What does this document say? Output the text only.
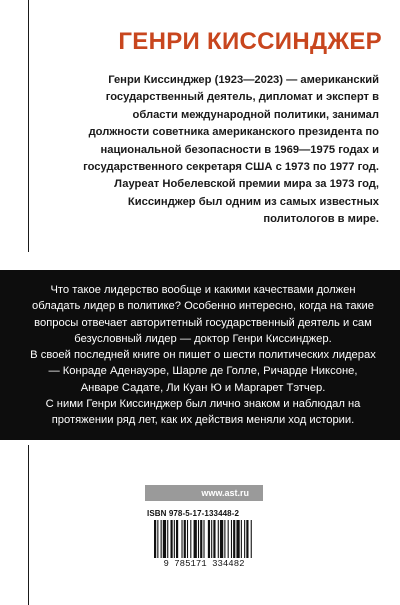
ГЕНРИ КИССИНДЖЕР

Генри Киссинджер (1923—2023) — американский государственный деятель, дипломат и эксперт в области международной политики, занимал должности советника американского президента по национальной безопасности в 1969—1975 годах и государственного секретаря США с 1973 по 1977 год. Лауреат Нобелевской премии мира за 1973 год, Киссинджер был одним из самых известных политологов в мире.

Что такое лидерство вообще и какими качествами должен обладать лидер в политике? Особенно интересно, когда на такие вопросы отвечает авторитетный государственный деятель и сам безусловный лидер — доктор Генри Киссинджер.

В своей последней книге он пишет о шести политических лидерах — Конраде Аденауэре, Шарле де Голле, Ричарде Никсоне, Анваре Садате, Ли Куан Ю и Маргарет Тэтчер.

С ними Генри Киссинджер был лично знаком и наблюдал на протяжении ряд лет, как их действия меняли ход истории.

www.ast.ru
ISBN 978-5-17-133448-2
9 785171 334482
